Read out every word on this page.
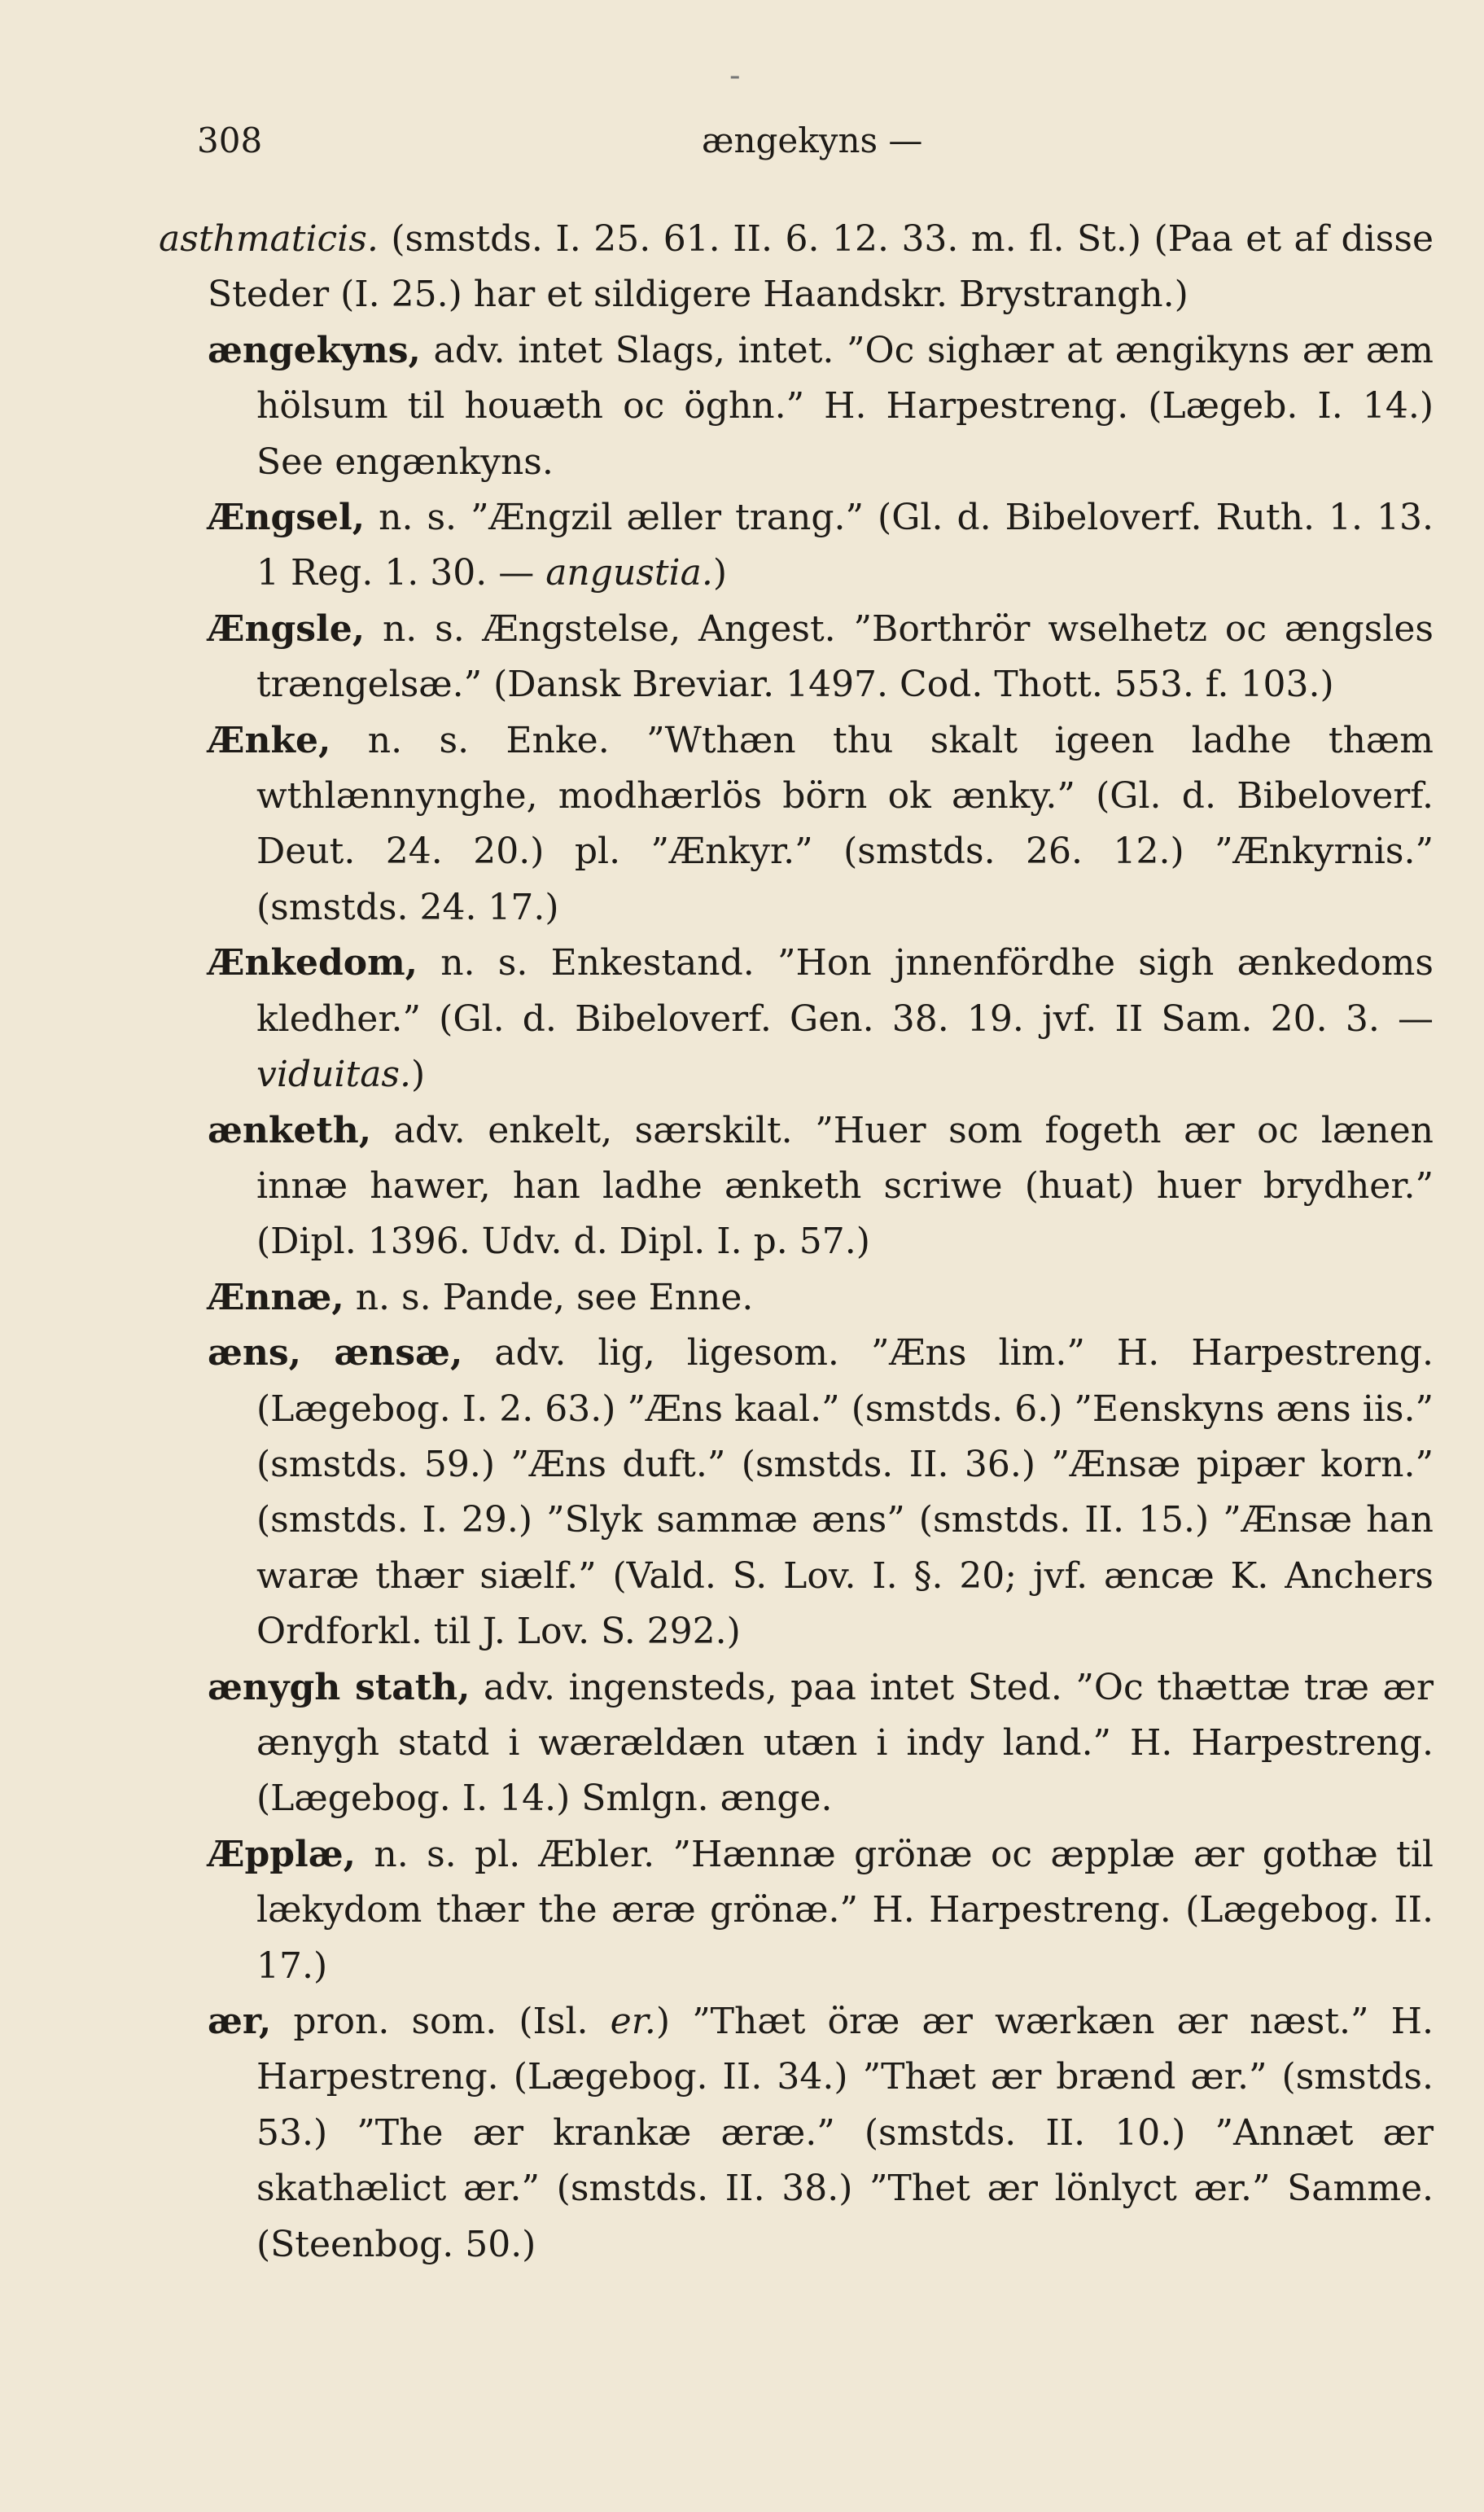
-
308	ængekyns —

asthmaticis. (smstds. I. 25. 61. II. 6. 12. 33. m. fl. St.) (Paa et af disse Steder (I. 25.) har et sildigere Haandskr. Brystrangh.)

ængekyns, adv. intet Slags, intet. ”Oc sighær at ængikyns ær æm hölsum til houæth oc öghn.” H. Harpestreng. (Lægeb. I. 14.) See engænkyns.

Ængsel, n. s. ”Ængzil æller trang.” (Gl. d. Bibeloverf. Ruth. 1. 13. 1 Reg. 1. 30. — angustia.)

Ængsle, n. s. Ængstelse, Angest. ”Borthrör wselhetz oc ængsles trængelsæ.” (Dansk Breviar. 1497. Cod. Thott. 553. f. 103.)

Ænke, n. s. Enke. ”Wthæn thu skalt igeen ladhe thæm wthlænnynghe, modhærlös börn ok ænky.” (Gl. d. Bibeloverf. Deut. 24. 20.) pl. ”Ænkyr.” (smstds. 26. 12.) ”Ænkyrnis.” (smstds. 24. 17.)

Ænkedom, n. s. Enkestand. ”Hon jnnenfördhe sigh ænkedoms kledher.” (Gl. d. Bibeloverf. Gen. 38. 19. jvf. II Sam. 20. 3. — viduitas.)

ænketh, adv. enkelt, særskilt. ”Huer som fogeth ær oc lænen innæ hawer, han ladhe ænketh scriwe (huat) huer brydher.” (Dipl. 1396. Udv. d. Dipl. I. p. 57.)

Ænnæ, n. s. Pande, see Enne.

æns, ænsæ, adv. lig, ligesom. ”Æns lim.” H. Harpestreng. (Lægebog. I. 2. 63.) ”Æns kaal.” (smstds. 6.) ”Eenskyns æns iis.” (smstds. 59.) ”Æns duft.” (smstds. II. 36.) ”Ænsæ pipær korn.” (smstds. I. 29.) ”Slyk sammæ æns” (smstds. II. 15.) ”Ænsæ han waræ thær siælf.” (Vald. S. Lov. I. §. 20; jvf. æncæ K. Anchers Ordforkl. til J. Lov. S. 292.)

ænygh stath, adv. ingensteds, paa intet Sted. ”Oc thættæ træ ær ænygh statd i wærældæn utæn i indy land.” H. Harpestreng. (Lægebog. I. 14.) Smlgn. ænge.

Æpplæ, n. s. pl. Æbler. ”Hænnæ grönæ oc æpplæ ær gothæ til lækydom thær the æræ grönæ.” H. Harpestreng. (Lægebog. II. 17.)

ær, pron. som. (Isl. er.) ”Thæt öræ ær wærkæn ær næst.” H. Harpestreng. (Lægebog. II. 34.) ”Thæt ær brænd ær.” (smstds. 53.) ”The ær krankæ æræ.” (smstds. II. 10.) ”Annæt ær skathælict ær.” (smstds. II. 38.) ”Thet ær lönlyct ær.” Samme. (Steenbog. 50.)
